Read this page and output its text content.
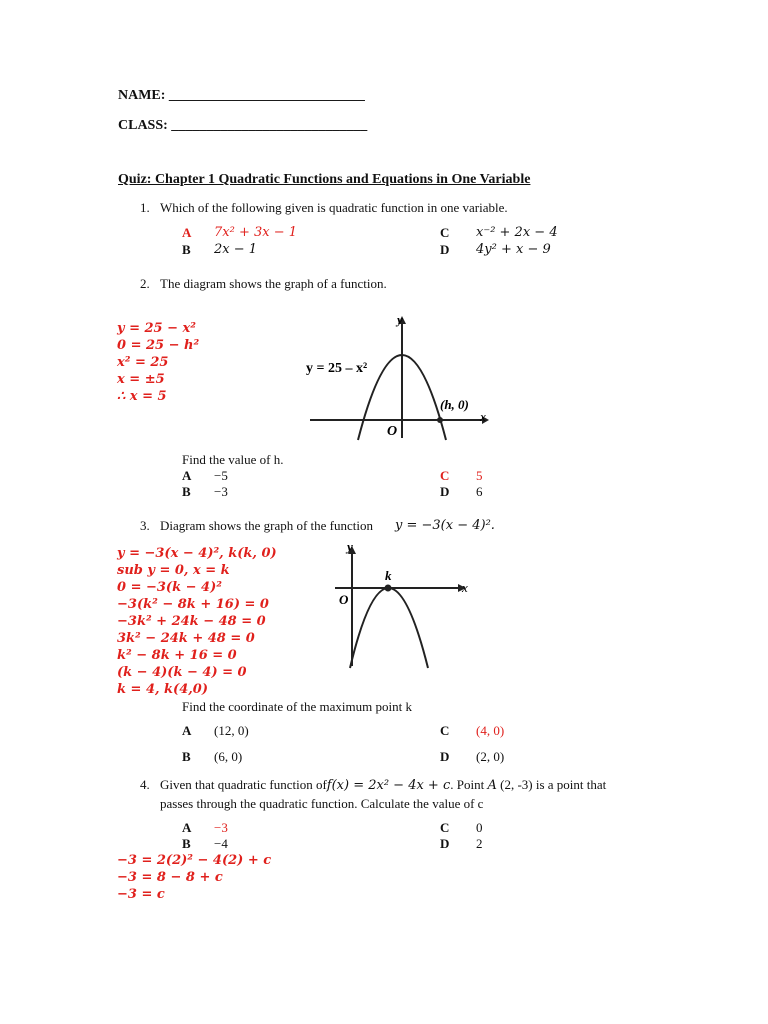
NAME: ____________________________
CLASS: ____________________________
Quiz: Chapter 1 Quadratic Functions and Equations in One Variable
1. Which of the following given is quadratic function in one variable.
A 7x² + 3x − 1
B 2x − 1
C x⁻² + 2x − 4
D 4y² + x − 9
2. The diagram shows the graph of a function.
y = 25 − x²
0 = 25 − h²
x² = 25
x = ±5
∴ x = 5
y = 25 – x²
(h, 0)
O
x
y
Find the value of h.
A −5
B −3
C 5
D 6
3. Diagram shows the graph of the function y = −3(x − 4)².
y = −3(x − 4)², k(k, 0)
sub y = 0, x = k
0 = −3(k − 4)²
−3(k² − 8k + 16) = 0
−3k² + 24k − 48 = 0
3k² − 24k + 48 = 0
k² − 8k + 16 = 0
(k − 4)(k − 4) = 0
k = 4, k(4,0)
k
O
x
y
Find the coordinate of the maximum point k
A (12, 0)
B (6, 0)
C (4, 0)
D (2, 0)
4. Given that quadratic function off(x) = 2x² − 4x + c. Point A (2, -3) is a point that
passes through the quadratic function. Calculate the value of c
A −3
B −4
C 0
D 2
−3 = 2(2)² − 4(2) + c
−3 = 8 − 8 + c
−3 = c
